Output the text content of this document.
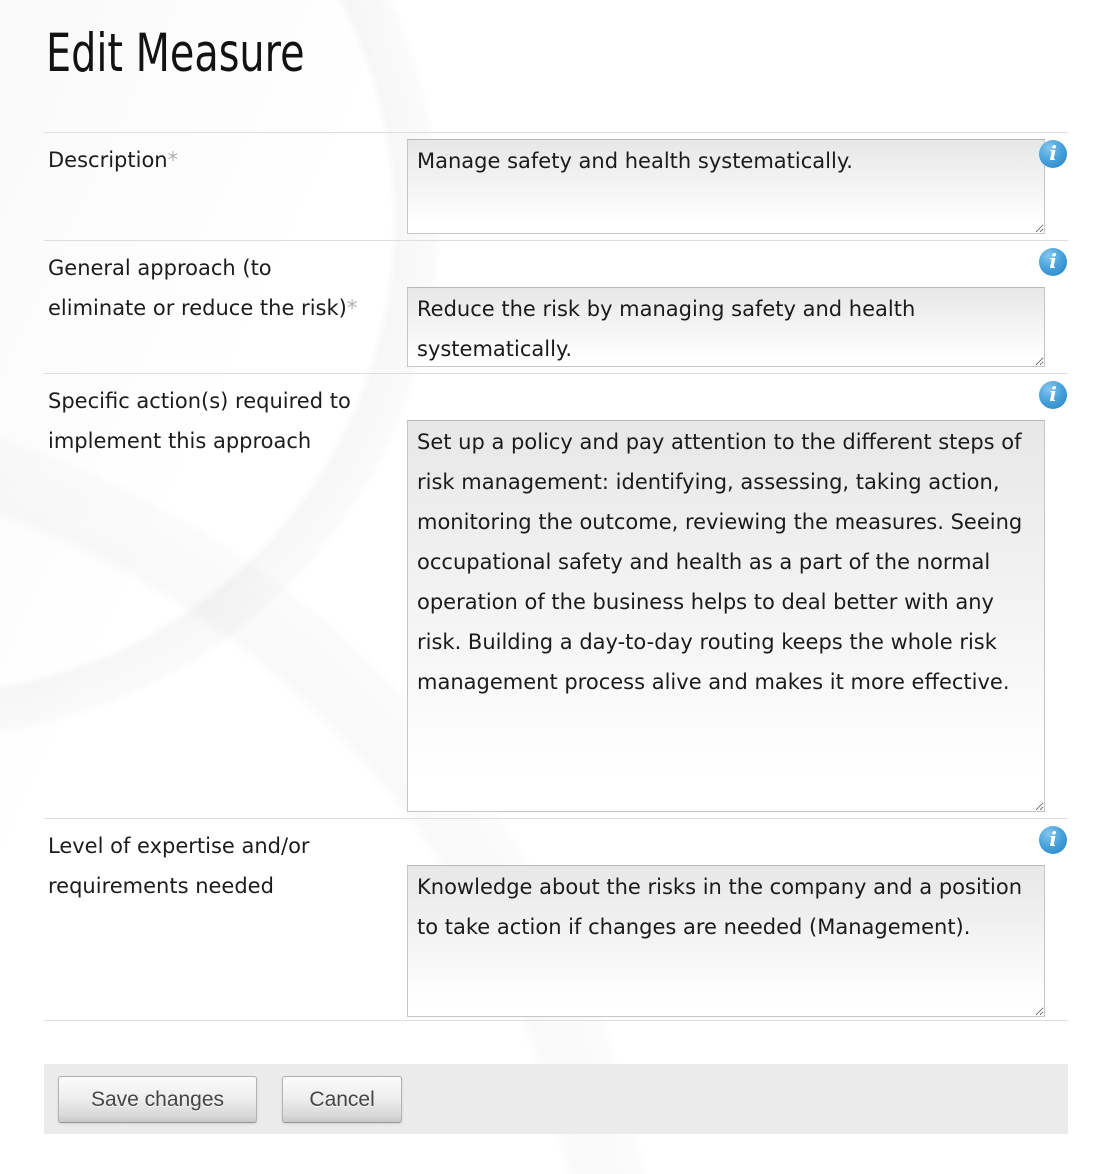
Edit Measure
Description*	i
Manage safety and health systematically.
General approach (to eliminate or reduce the risk)*
i
Reduce the risk by managing safety and health systematically.
Specific action(s) required to implement this approach
i
Set up a policy and pay attention to the different steps of risk management: identifying, assessing, taking action, monitoring the outcome, reviewing the measures. Seeing occupational safety and health as a part of the normal operation of the business helps to deal better with any risk. Building a day-to-day routing keeps the whole risk management process alive and makes it more effective.
Level of expertise and/or requirements needed
i
Knowledge about the risks in the company and a position to take action if changes are needed (Management).
Save changes	Cancel
